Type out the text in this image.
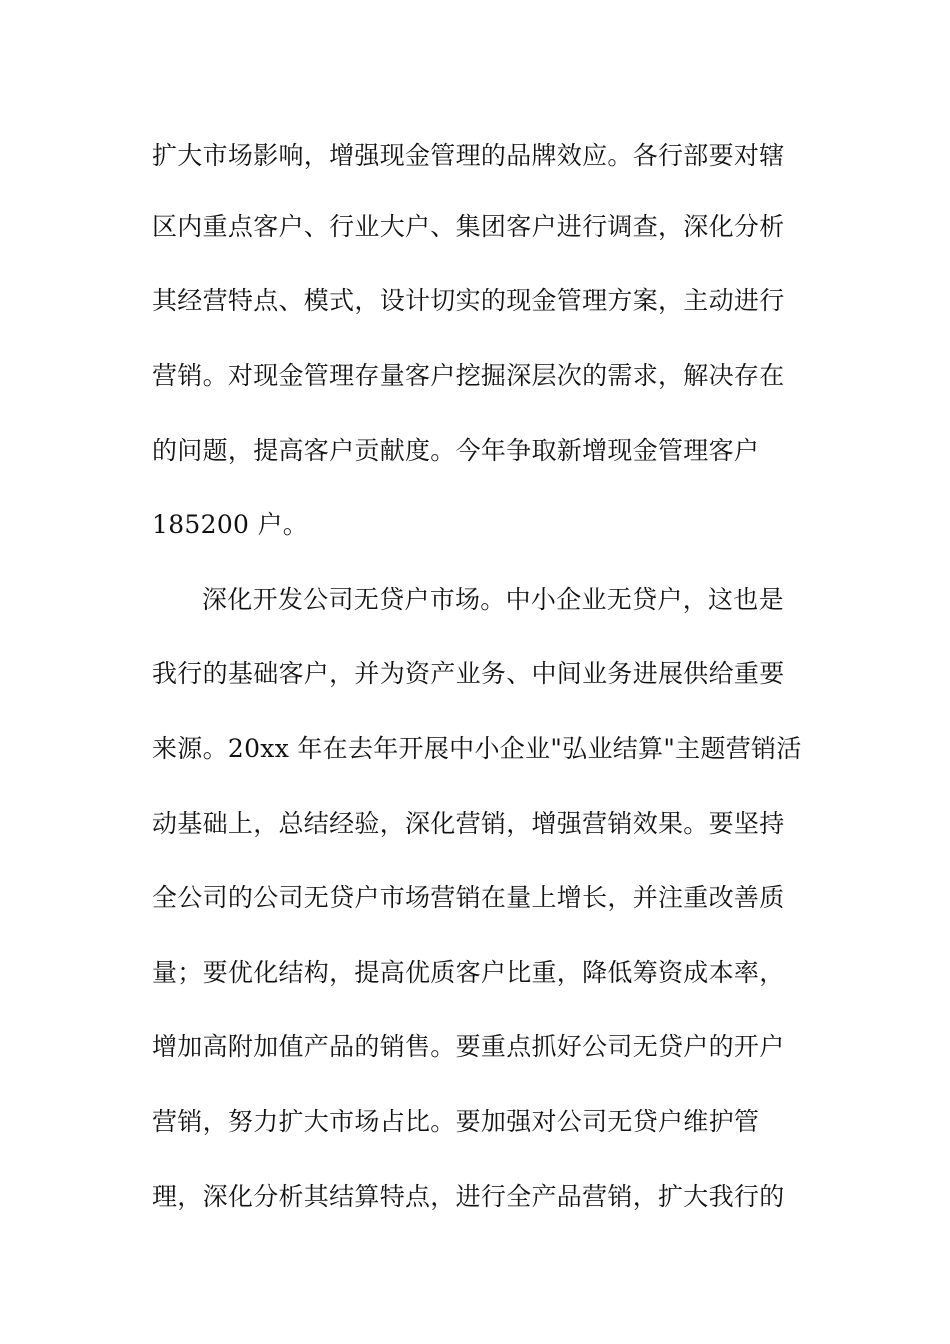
扩大市场影响，增强现金管理的品牌效应。各行部要对辖
区内重点客户、行业大户、集团客户进行调查，深化分析
其经营特点、模式，设计切实的现金管理方案，主动进行
营销。对现金管理存量客户挖掘深层次的需求，解决存在
的问题，提高客户贡献度。今年争取新增现金管理客户
185200 户。
深化开发公司无贷户市场。中小企业无贷户，这也是
我行的基础客户，并为资产业务、中间业务进展供给重要
来源。20xx 年在去年开展中小企业"弘业结算"主题营销活
动基础上，总结经验，深化营销，增强营销效果。要坚持
全公司的公司无贷户市场营销在量上增长，并注重改善质
量；要优化结构，提高优质客户比重，降低筹资成本率，
增加高附加值产品的销售。要重点抓好公司无贷户的开户
营销，努力扩大市场占比。要加强对公司无贷户维护管
理，深化分析其结算特点，进行全产品营销，扩大我行的
